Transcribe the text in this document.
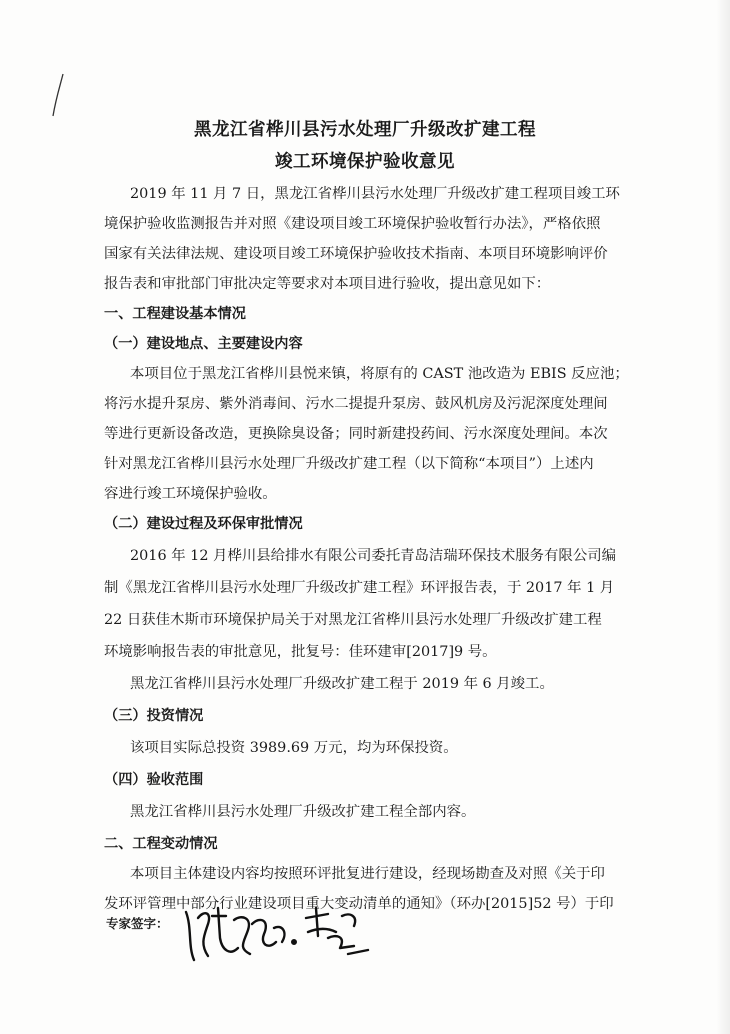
黑龙江省桦川县污水处理厂升级改扩建工程
竣工环境保护验收意见
2019 年 11 月 7 日，黑龙江省桦川县污水处理厂升级改扩建工程项目竣工环
境保护验收监测报告并对照《建设项目竣工环境保护验收暂行办法》，严格依照
国家有关法律法规、建设项目竣工环境保护验收技术指南、本项目环境影响评价
报告表和审批部门审批决定等要求对本项目进行验收，提出意见如下：
一、工程建设基本情况
（一）建设地点、主要建设内容
本项目位于黑龙江省桦川县悦来镇，将原有的 CAST 池改造为 EBIS 反应池；
将污水提升泵房、紫外消毒间、污水二提提升泵房、鼓风机房及污泥深度处理间
等进行更新设备改造，更换除臭设备；同时新建投药间、污水深度处理间。本次
针对黑龙江省桦川县污水处理厂升级改扩建工程（以下简称“本项目”）上述内
容进行竣工环境保护验收。
（二）建设过程及环保审批情况
2016 年 12 月桦川县给排水有限公司委托青岛洁瑞环保技术服务有限公司编
制《黑龙江省桦川县污水处理厂升级改扩建工程》环评报告表，于 2017 年 1 月
22 日获佳木斯市环境保护局关于对黑龙江省桦川县污水处理厂升级改扩建工程
环境影响报告表的审批意见，批复号：佳环建审[2017]9 号。
黑龙江省桦川县污水处理厂升级改扩建工程于 2019 年 6 月竣工。
（三）投资情况
该项目实际总投资 3989.69 万元，均为环保投资。
（四）验收范围
黑龙江省桦川县污水处理厂升级改扩建工程全部内容。
二、工程变动情况
本项目主体建设内容均按照环评批复进行建设，经现场勘查及对照《关于印
发环评管理中部分行业建设项目重大变动清单的通知》（环办[2015]52 号）于印
专家签字：
